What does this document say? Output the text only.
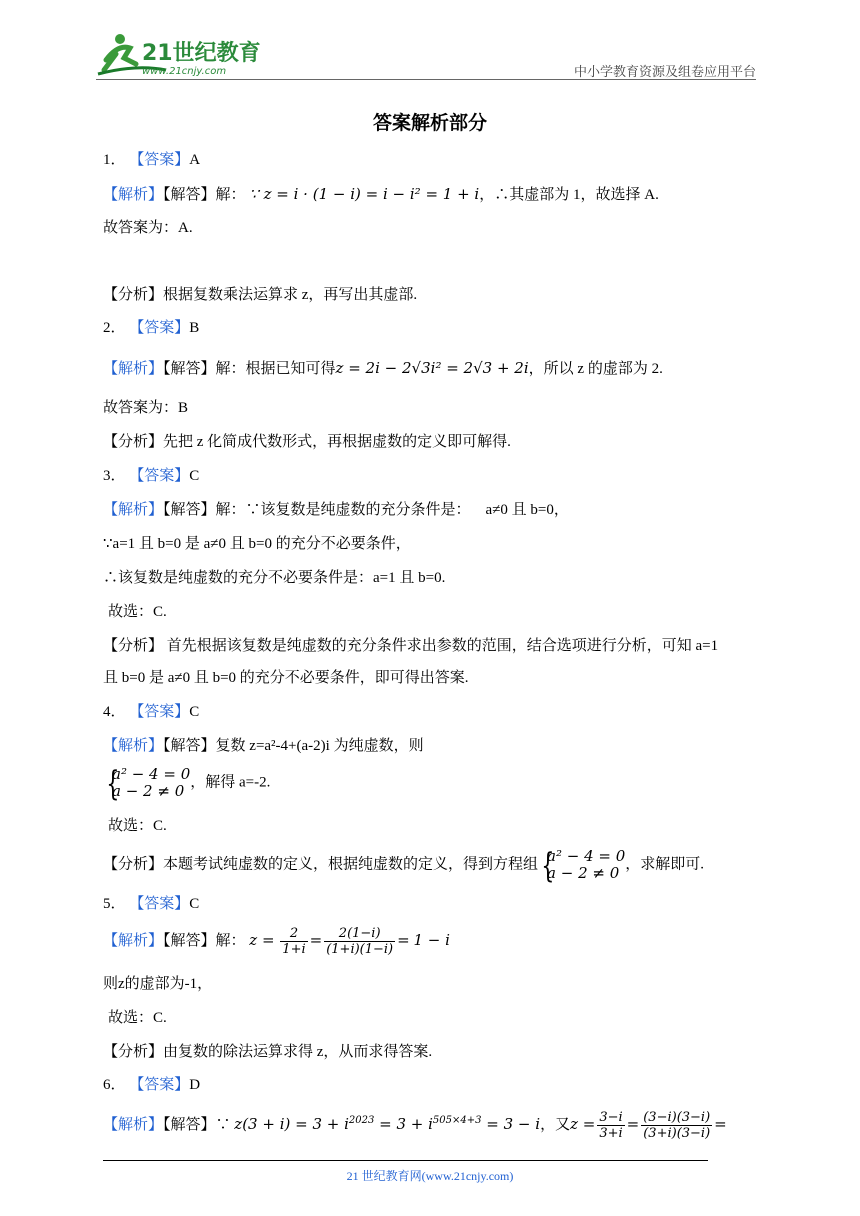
21世纪教育
www.21cnjy.com	中小学教育资源及组卷应用平台
答案解析部分
1． 【答案】A
【解析】【解答】解： ∵ z = i · (1 − i) = i − i² = 1 + i，∴其虚部为 1，故选择 A.
故答案为：A.
【分析】根据复数乘法运算求 z，再写出其虚部.
2． 【答案】B
【解析】【解答】解：根据已知可得z = 2i − 2√3i² = 2√3 + 2i，所以 z 的虚部为 2.
故答案为：B
【分析】先把 z 化简成代数形式，再根据虚数的定义即可解得.
3． 【答案】C
【解析】【解答】解：∵该复数是纯虚数的充分条件是：    a≠0 且 b=0，
∵a=1 且 b=0 是 a≠0 且 b=0 的充分不必要条件，
∴该复数是纯虚数的充分不必要条件是：a=1 且 b=0.
故选：C.
【分析】 首先根据该复数是纯虚数的充分条件求出参数的范围，结合选项进行分析，可知 a=1
且 b=0 是 a≠0 且 b=0 的充分不必要条件，即可得出答案.
4． 【答案】C
【解析】【解答】复数 z=a²-4+(a-2)i 为纯虚数，则
{
a² − 4 = 0
a − 2 ≠ 0 ，解得 a=-2.
故选：C.
【分析】本题考试纯虚数的定义，根据纯虚数的定义，得到方程组 {
a² − 4 = 0
a − 2 ≠ 0 ，求解即可.
5． 【答案】C
【解析】【解答】解： $z = \frac{2}{1+i} = \frac{2(1-i)}{(1+i)(1-i)} = 1 - i$
则z的虚部为-1，
故选：C.
【分析】由复数的除法运算求得 z，从而求得答案.
6． 【答案】D
【解析】【解答】∵ $z(3 + i) = 3 + i^{2023} = 3 + i^{505\times 4+3} = 3 - i$，又$z = \frac{3-i}{3+i} = \frac{(3-i)(3-i)}{(3+i)(3-i)}$ =
21 世纪教育网(www.21cnjy.com)
